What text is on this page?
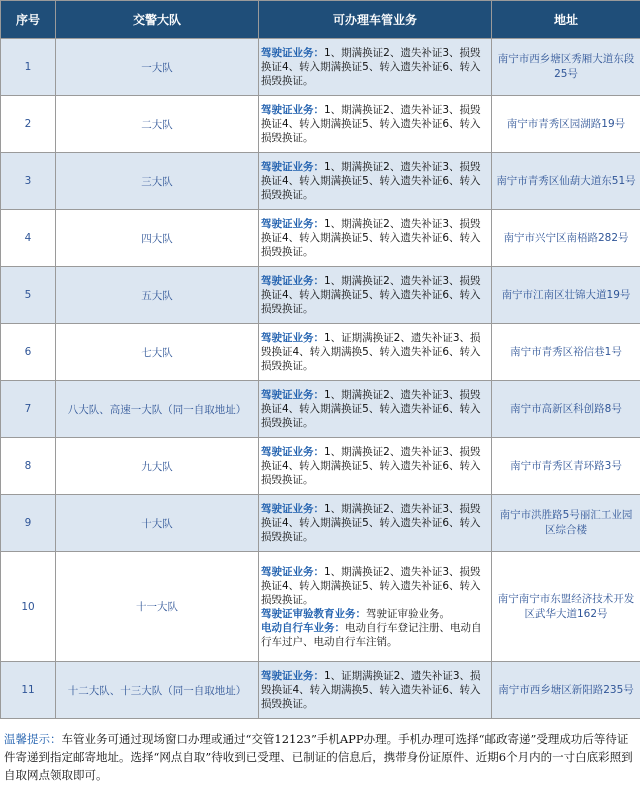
序号	交警大队	可办理车管业务	地址
1	一大队	驾驶证业务：1、期满换证2、遗失补证3、损毁换证4、转入期满换证5、转入遗失补证6、转入损毁换证。	南宁市西乡塘区秀厢大道东段25号
2	二大队	驾驶证业务：1、期满换证2、遗失补证3、损毁换证4、转入期满换证5、转入遗失补证6、转入损毁换证。	南宁市青秀区园湖路19号
3	三大队	驾驶证业务：1、期满换证2、遗失补证3、损毁换证4、转入期满换证5、转入遗失补证6、转入损毁换证。	南宁市青秀区仙葫大道东51号
4	四大队	驾驶证业务：1、期满换证2、遗失补证3、损毁换证4、转入期满换证5、转入遗失补证6、转入损毁换证。	南宁市兴宁区南梧路282号
5	五大队	驾驶证业务：1、期满换证2、遗失补证3、损毁换证4、转入期满换证5、转入遗失补证6、转入损毁换证。	南宁市江南区壮锦大道19号
6	七大队	驾驶证业务：1、证期满换证2、遗失补证3、损毁换证4、转入期满换5、转入遗失补证6、转入损毁换证。	南宁市青秀区裕信巷1号
7	八大队、高速一大队（同一自取地址）	驾驶证业务：1、期满换证2、遗失补证3、损毁换证4、转入期满换证5、转入遗失补证6、转入损毁换证。	南宁市高新区科创路8号
8	九大队	驾驶证业务：1、期满换证2、遗失补证3、损毁换证4、转入期满换证5、转入遗失补证6、转入损毁换证。	南宁市青秀区青环路3号
9	十大队	驾驶证业务：1、期满换证2、遗失补证3、损毁换证4、转入期满换证5、转入遗失补证6、转入损毁换证。	南宁市洪胜路5号丽汇工业园区综合楼
10	十一大队	驾驶证业务：1、期满换证2、遗失补证3、损毁换证4、转入期满换证5、转入遗失补证6、转入损毁换证。
驾驶证审验教育业务：驾驶证审验业务。
电动自行车业务：电动自行车登记注册、电动自行车过户、电动自行车注销。	南宁南宁市东盟经济技术开发区武华大道162号
11	十二大队、十三大队（同一自取地址）	驾驶证业务：1、证期满换证2、遗失补证3、损毁换证4、转入期满换5、转入遗失补证6、转入损毁换证。	南宁市西乡塘区新阳路235号
温馨提示：车管业务可通过现场窗口办理或通过“交管12123”手机APP办理。手机办理可选择“邮政寄递”受理成功后等待证件寄递到指定邮寄地址。选择“网点自取”待收到已受理、已制证的信息后，携带身份证原件、近期6个月内的一寸白底彩照到自取网点领取即可。
